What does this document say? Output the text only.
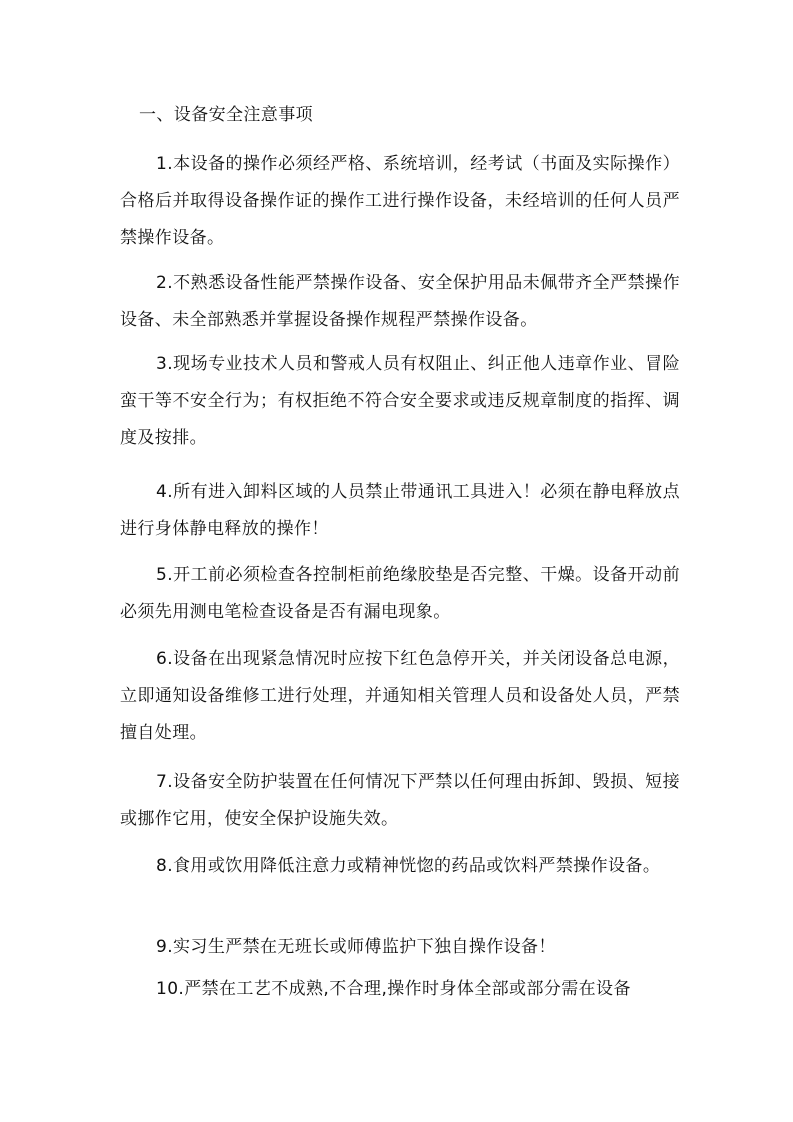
一、设备安全注意事项
1.本设备的操作必须经严格、系统培训，经考试（书面及实际操作）合格后并取得设备操作证的操作工进行操作设备，未经培训的任何人员严禁操作设备。
2.不熟悉设备性能严禁操作设备、安全保护用品未佩带齐全严禁操作设备、未全部熟悉并掌握设备操作规程严禁操作设备。
3.现场专业技术人员和警戒人员有权阻止、纠正他人违章作业、冒险蛮干等不安全行为；有权拒绝不符合安全要求或违反规章制度的指挥、调度及按排。
4.所有进入卸料区域的人员禁止带通讯工具进入！必须在静电释放点进行身体静电释放的操作！
5.开工前必须检查各控制柜前绝缘胶垫是否完整、干燥。设备开动前必须先用测电笔检查设备是否有漏电现象。
6.设备在出现紧急情况时应按下红色急停开关，并关闭设备总电源，立即通知设备维修工进行处理，并通知相关管理人员和设备处人员，严禁擅自处理。
7.设备安全防护装置在任何情况下严禁以任何理由拆卸、毁损、短接或挪作它用，使安全保护设施失效。
8.食用或饮用降低注意力或精神恍惚的药品或饮料严禁操作设备。
9.实习生严禁在无班长或师傅监护下独自操作设备！
10.严禁在工艺不成熟,不合理,操作时身体全部或部分需在设备
